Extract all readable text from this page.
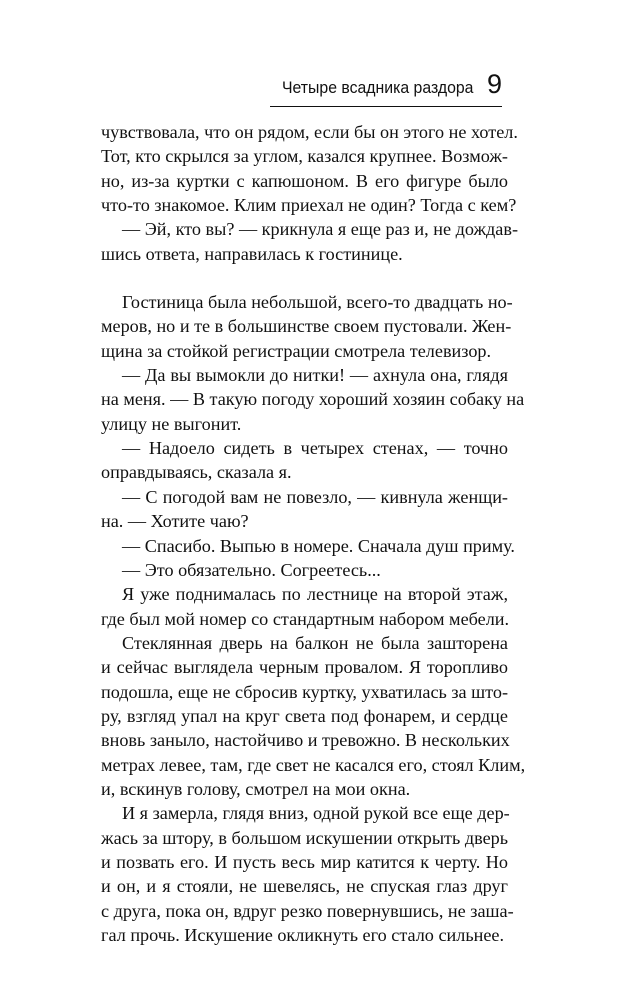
Четыре всадника раздора 9

чувствовала, что он рядом, если бы он этого не хотел.
Тот, кто скрылся за углом, казался крупнее. Возмож-
но, из-за куртки с капюшоном. В его фигуре было
что-то знакомое. Клим приехал не один? Тогда с кем?

— Эй, кто вы? — крикнула я еще раз и, не дождав-
шись ответа, направилась к гостинице.

Гостиница была небольшой, всего-то двадцать но-
меров, но и те в большинстве своем пустовали. Жен-
щина за стойкой регистрации смотрела телевизор.

— Да вы вымокли до нитки! — ахнула она, глядя
на меня. — В такую погоду хороший хозяин собаку на
улицу не выгонит.

— Надоело сидеть в четырех стенах, — точно
оправдываясь, сказала я.

— С погодой вам не повезло, — кивнула женщи-
на. — Хотите чаю?

— Спасибо. Выпью в номере. Сначала душ приму.

— Это обязательно. Согреетесь...

Я уже поднималась по лестнице на второй этаж,
где был мой номер со стандартным набором мебели.

Стеклянная дверь на балкон не была зашторена
и сейчас выглядела черным провалом. Я торопливо
подошла, еще не сбросив куртку, ухватилась за што-
ру, взгляд упал на круг света под фонарем, и сердце
вновь заныло, настойчиво и тревожно. В нескольких
метрах левее, там, где свет не касался его, стоял Клим,
и, вскинув голову, смотрел на мои окна.

И я замерла, глядя вниз, одной рукой все еще дер-
жась за штору, в большом искушении открыть дверь
и позвать его. И пусть весь мир катится к черту. Но
и он, и я стояли, не шевелясь, не спуская глаз друг
с друга, пока он, вдруг резко повернувшись, не заша-
гал прочь. Искушение окликнуть его стало сильнее.
